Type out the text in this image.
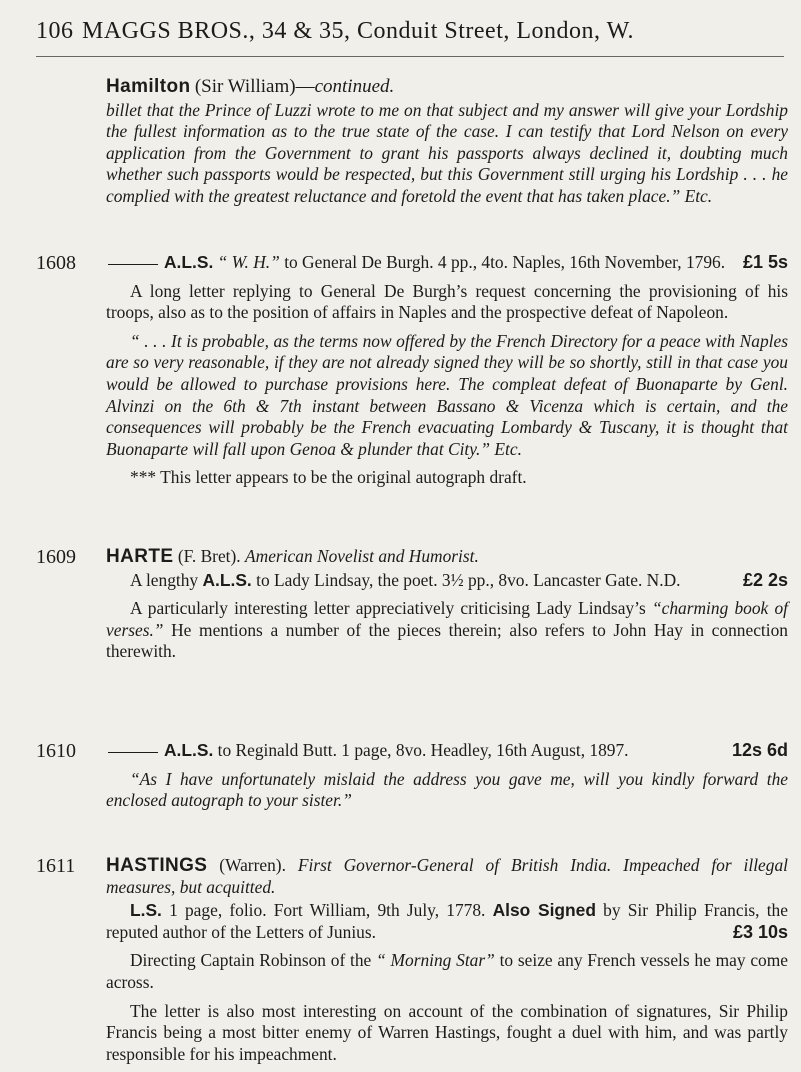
106 MAGGS BROS., 34 & 35, Conduit Street, London, W.

Hamilton (Sir William)—continued.

billet that the Prince of Luzzi wrote to me on that subject and my answer will give your Lordship the fullest information as to the true state of the case. I can testify that Lord Nelson on every application from the Government to grant his passports always declined it, doubting much whether such passports would be respected, but this Government still urging his Lordship . . . he complied with the greatest reluctance and foretold the event that has taken place.” Etc.

1608	A.L.S. “ W. H.” to General De Burgh. 4 pp., 4to. Naples, 16th November, 1796. £1 5s

A long letter replying to General De Burgh’s request concerning the provisioning of his troops, also as to the position of affairs in Naples and the prospective defeat of Napoleon.

“ . . . It is probable, as the terms now offered by the French Directory for a peace with Naples are so very reasonable, if they are not already signed they will be so shortly, still in that case you would be allowed to purchase provisions here. The compleat defeat of Buonaparte by Genl. Alvinzi on the 6th & 7th instant between Bassano & Vicenza which is certain, and the consequences will probably be the French evacuating Lombardy & Tuscany, it is thought that Buonaparte will fall upon Genoa & plunder that City.” Etc.

*** This letter appears to be the original autograph draft.

1609 HARTE (F. Bret). American Novelist and Humorist.

A lengthy A.L.S. to Lady Lindsay, the poet. 3½ pp., 8vo. Lancaster Gate. N.D.	£2 2s

A particularly interesting letter appreciatively criticising Lady Lindsay’s “charming book of verses.” He mentions a number of the pieces therein; also refers to John Hay in connection therewith.

1610	A.L.S. to Reginald Butt. 1 page, 8vo. Headley, 16th August, 1897.	12s 6d

“As I have unfortunately mislaid the address you gave me, will you kindly forward the enclosed autograph to your sister.”

1611 HASTINGS (Warren). First Governor-General of British India. Impeached for illegal measures, but acquitted.

L.S. 1 page, folio. Fort William, 9th July, 1778. Also Signed by Sir Philip Francis, the reputed author of the Letters of Junius.	£3 10s

Directing Captain Robinson of the “ Morning Star” to seize any French vessels he may come across.

The letter is also most interesting on account of the combination of signatures, Sir Philip Francis being a most bitter enemy of Warren Hastings, fought a duel with him, and was partly responsible for his impeachment.
